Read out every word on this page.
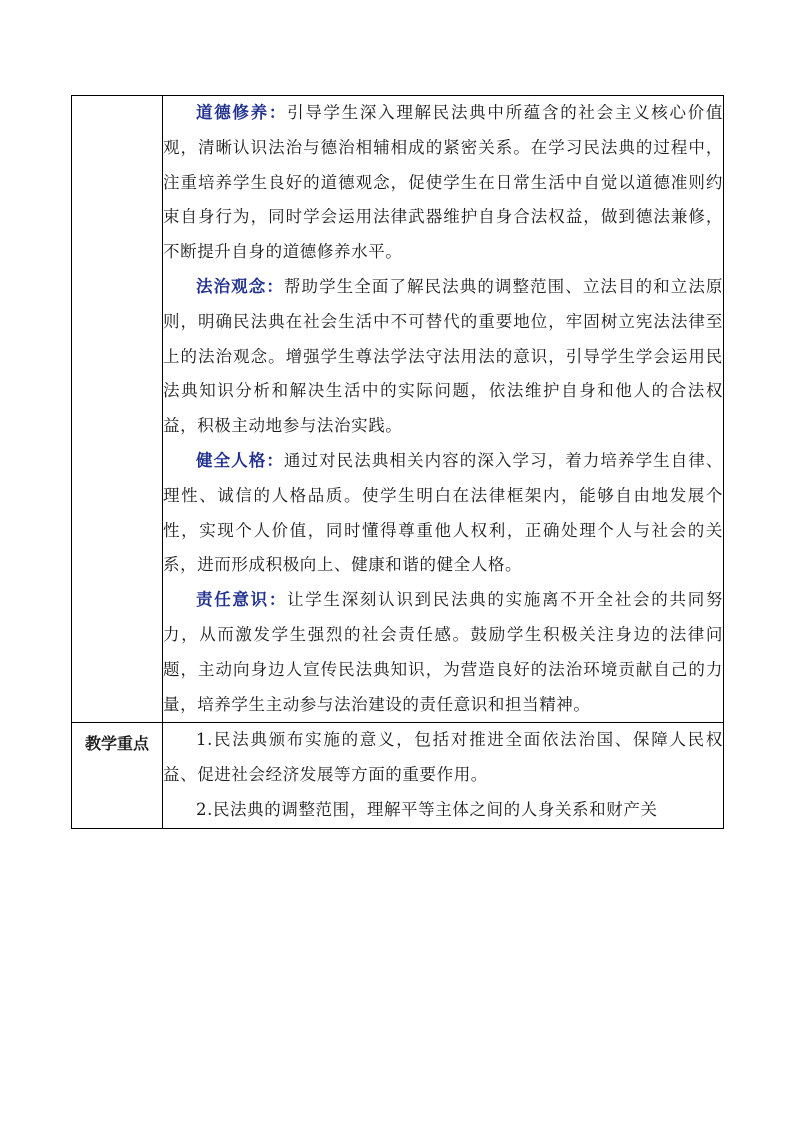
	道德修养：引导学生深入理解民法典中所蕴含的社会主义核心价值观，清晰认识法治与德治相辅相成的紧密关系。在学习民法典的过程中，注重培养学生良好的道德观念，促使学生在日常生活中自觉以道德准则约束自身行为，同时学会运用法律武器维护自身合法权益，做到德法兼修，不断提升自身的道德修养水平。

法治观念：帮助学生全面了解民法典的调整范围、立法目的和立法原则，明确民法典在社会生活中不可替代的重要地位，牢固树立宪法法律至上的法治观念。增强学生尊法学法守法用法的意识，引导学生学会运用民法典知识分析和解决生活中的实际问题，依法维护自身和他人的合法权益，积极主动地参与法治实践。

健全人格：通过对民法典相关内容的深入学习，着力培养学生自律、理性、诚信的人格品质。使学生明白在法律框架内，能够自由地发展个性，实现个人价值，同时懂得尊重他人权利，正确处理个人与社会的关系，进而形成积极向上、健康和谐的健全人格。

责任意识：让学生深刻认识到民法典的实施离不开全社会的共同努力，从而激发学生强烈的社会责任感。鼓励学生积极关注身边的法律问题，主动向身边人宣传民法典知识，为营造良好的法治环境贡献自己的力量，培养学生主动参与法治建设的责任意识和担当精神。

教学重点	1.民法典颁布实施的意义，包括对推进全面依法治国、保障人民权益、促进社会经济发展等方面的重要作用。

2.民法典的调整范围，理解平等主体之间的人身关系和财产关
